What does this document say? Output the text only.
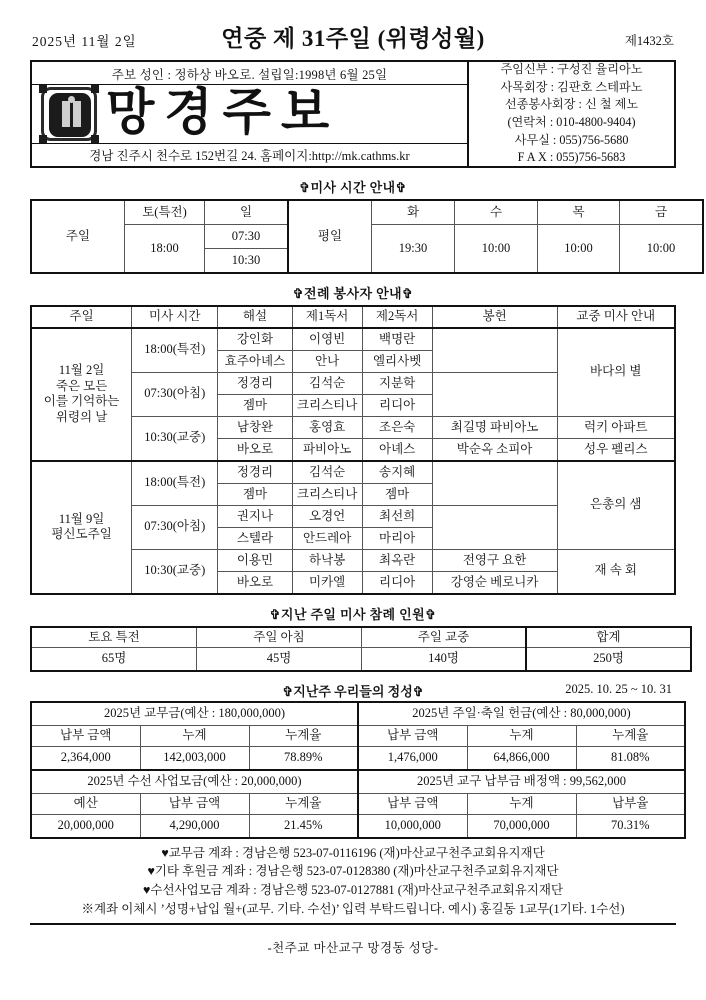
2025년 11월 2일	연중 제 31주일 (위령성월)	제1432호
주보 성인 : 정하상 바오로. 설립일:1998년 6월 25일
망경주보
경남 진주시 천수로 152번길 24. 홈페이지:http://mk.cathms.kr
주임신부 : 구성진 율리아노
사목회장 : 김판호 스테파노
선종봉사회장 : 신 철 제노
(연락처 : 010-4800-9404)
사무실 : 055)756-5680
F A X : 055)756-5683
✞미사 시간 안내✞
주일	토(특전)	일	평일	화	수	목	금
	18:00	07:30		19:30	10:00	10:00	10:00
		10:30					
✞전례 봉사자 안내✞
주일	미사 시간	해설	제1독서	제2독서	봉헌	교중 미사 안내

11월 2일
죽은 모든
이를 기억하는
위령의 날	18:00(특전)	강인화	이영빈	백명란		바다의 별

		효주아녜스	안나	엘리사벳		
	07:30(아침)	정경리	김석순	지분학		
		젬마	크리스티나	리디아		
	10:30(교중)	남창완	홍영효	조은숙	최길명 파비아노	럭키 아파트
		바오로	파비아노	아녜스	박순옥 소피아	성우 펠리스

11월 9일
평신도주일	18:00(특전)	정경리	김석순	송지혜		은총의 샘

		젬마	크리스티나	젬마		
	07:30(아침)	권지나	오경언	최선희		
		스텔라	안드레아	마리아		
	10:30(교중)	이용민	하낙봉	최옥란	전영구 요한	재 속 회
		바오로	미카엘	리디아	강영순 베로니카	
✞지난 주일 미사 참례 인원✞
토요 특전	주일 아침	주일 교중	합계
65명	45명	140명	250명
✞지난주 우리들의 정성✞	2025. 10. 25 ~ 10. 31
2025년 교무금(예산 : 180,000,000)			2025년 주일·축일 헌금(예산 : 80,000,000)		
납부 금액	누계	누계율	납부 금액	누계	누계율
2,364,000	142,003,000	78.89%	1,476,000	64,866,000	81.08%
2025년 수선 사업모금(예산 : 20,000,000)			2025년 교구 납부금 배정액 : 99,562,000		
예산	납부 금액	누계율	납부 금액	누계	납부율
20,000,000	4,290,000	21.45%	10,000,000	70,000,000	70.31%
♥교무금 계좌 : 경남은행 523-07-0116196 (재)마산교구천주교회유지재단
♥기타 후원금 계좌 : 경남은행 523-07-0128380 (재)마산교구천주교회유지재단
♥수선사업모금 계좌 : 경남은행 523-07-0127881 (재)마산교구천주교회유지재단
※계좌 이체시 ’성명+납입 월+(교무. 기타. 수선)’ 입력 부탁드립니다. 예시) 홍길동 1교무(1기타. 1수선)
-천주교 마산교구 망경동 성당-
